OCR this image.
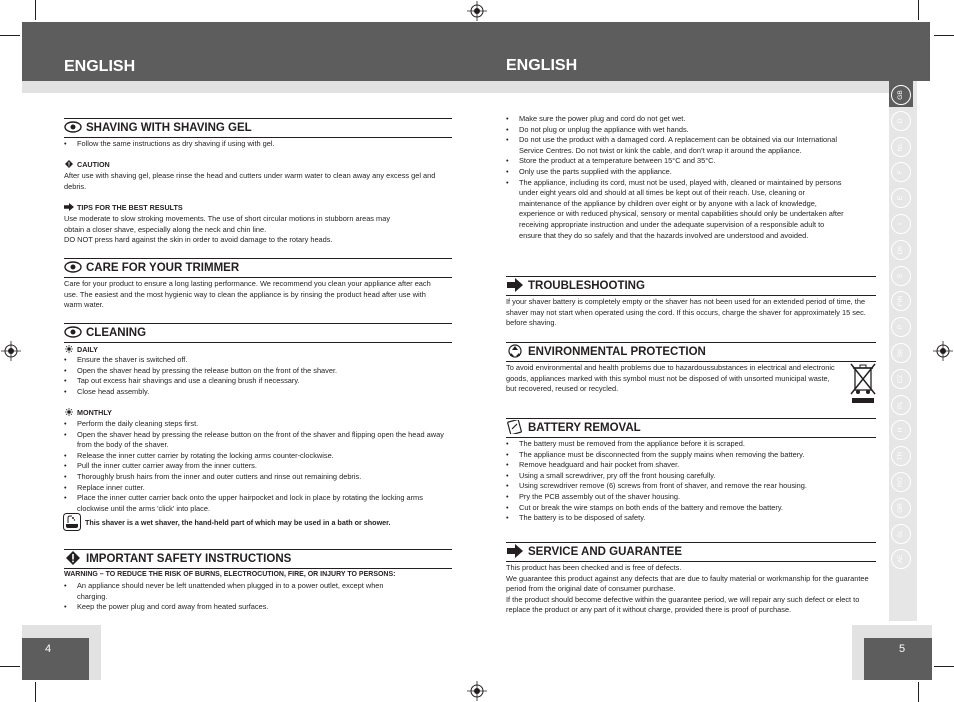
ENGLISH	ENGLISH
SHAVING WITH SHAVING GEL
• Follow the same instructions as dry shaving if using with gel.
CAUTION
After use with shaving gel, please rinse the head and cutters under warm water to clean away any excess gel and debris.
TIPS FOR THE BEST RESULTS
Use moderate to slow stroking movements. The use of short circular motions in stubborn areas may
obtain a closer shave, especially along the neck and chin line.
DO NOT press hard against the skin in order to avoid damage to the rotary heads.
CARE FOR YOUR TRIMMER
Care for your product to ensure a long lasting performance. We recommend you clean your appliance after each use. The easiest and the most hygienic way to clean the appliance is by rinsing the product head after use with warm water.
CLEANING
DAILY
• Ensure the shaver is switched off.
• Open the shaver head by pressing the release button on the front of the shaver.
• Tap out excess hair shavings and use a cleaning brush if necessary.
• Close head assembly.
MONTHLY
• Perform the daily cleaning steps first.
• Open the shaver head by pressing the release button on the front of the shaver and flipping open the head away from the body of the shaver.
• Release the inner cutter carrier by rotating the locking arms counter-clockwise.
• Pull the inner cutter carrier away from the inner cutters.
• Thoroughly brush hairs from the inner and outer cutters and rinse out remaining debris.
• Replace inner cutter.
• Place the inner cutter carrier back onto the upper hairpocket and lock in place by rotating the locking arms clockwise until the arms 'click' into place.
This shaver is a wet shaver, the hand-held part of which may be used in a bath or shower.
IMPORTANT SAFETY INSTRUCTIONS
WARNING – TO REDUCE THE RISK OF BURNS, ELECTROCUTION, FIRE, OR INJURY TO PERSONS:
• An appliance should never be left unattended when plugged in to a power outlet, except when charging.
• Keep the power plug and cord away from heated surfaces.
• Make sure the power plug and cord do not get wet.
• Do not plug or unplug the appliance with wet hands.
• Do not use the product with a damaged cord. A replacement can be obtained via our International Service Centres. Do not twist or kink the cable, and don’t wrap it around the appliance.
• Store the product at a temperature between 15°C and 35°C.
• Only use the parts supplied with the appliance.
• The appliance, including its cord, must not be used, played with, cleaned or maintained by persons under eight years old and should at all times be kept out of their reach. Use, cleaning or maintenance of the appliance by children over eight or by anyone with a lack of knowledge, experience or with reduced physical, sensory or mental capabilities should only be undertaken after receiving appropriate instruction and under the adequate supervision of a responsible adult to ensure that they do so safely and that the hazards involved are understood and avoided.
TROUBLESHOOTING
If your shaver battery is completely empty or the shaver has not been used for an extended period of time, the shaver may not start when operated using the cord. If this occurs, charge the shaver for approximately 15 sec. before shaving.
ENVIRONMENTAL PROTECTION
To avoid environmental and health problems due to hazardoussubstances in electrical and electronic goods, appliances marked with this symbol must not be disposed of with unsorted municipal waste, but recovered, reused or recycled.
BATTERY REMOVAL
• The battery must be removed from the appliance before it is scraped.
• The appliance must be disconnected from the supply mains when removing the battery.
• Remove headguard and hair pocket from shaver.
• Using a small screwdriver, pry off the front housing carefully.
• Using screwdriver remove (6) screws from front of shaver, and remove the rear housing.
• Pry the PCB assembly out of the shaver housing.
• Cut or break the wire stamps on both ends of the battery and remove the battery.
• The battery is to be disposed of safety.
SERVICE AND GUARANTEE
This product has been checked and is free of defects.
We guarantee this product against any defects that are due to faulty material or workmanship for the guarantee period from the original date of consumer purchase.
If the product should become defective within the guarantee period, we will repair any such defect or elect to replace the product or any part of it without charge, provided there is proof of purchase.
GB
D
NL
F
E
I
DK
S
FIN
P
SK
CZ
PL
H
TR
RO
GR
SL
AE
4	5
